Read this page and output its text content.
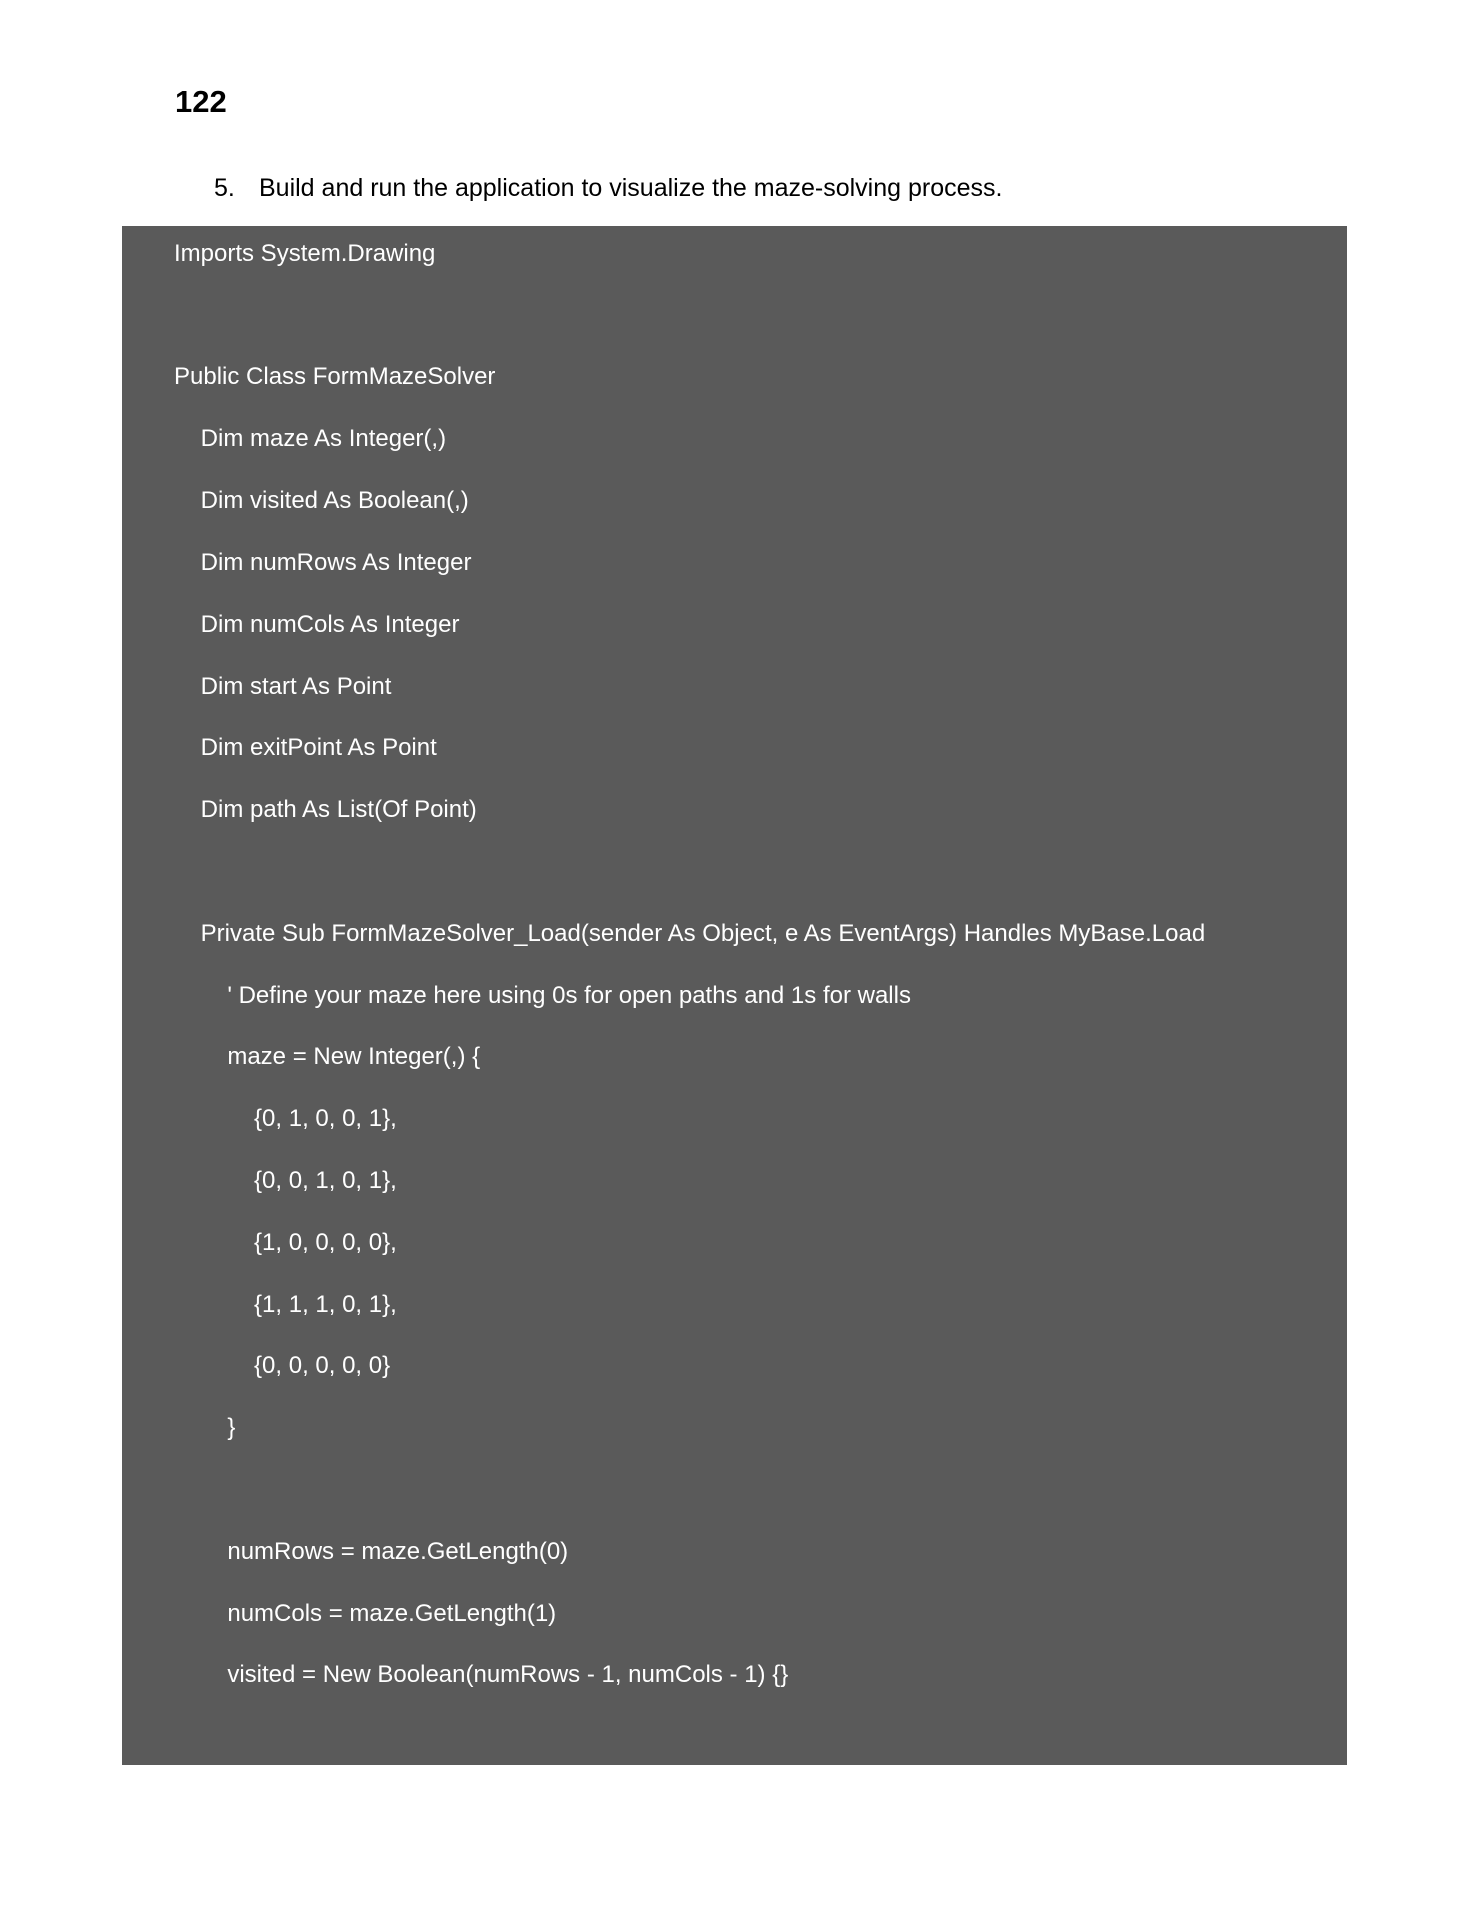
122
5. Build and run the application to visualize the maze-solving process.
Imports System.Drawing
Public Class FormMazeSolver
Dim maze As Integer(,)
Dim visited As Boolean(,)
Dim numRows As Integer
Dim numCols As Integer
Dim start As Point
Dim exitPoint As Point
Dim path As List(Of Point)
Private Sub FormMazeSolver_Load(sender As Object, e As EventArgs) Handles MyBase.Load
' Define your maze here using 0s for open paths and 1s for walls
maze = New Integer(,) {
{0, 1, 0, 0, 1},
{0, 0, 1, 0, 1},
{1, 0, 0, 0, 0},
{1, 1, 1, 0, 1},
{0, 0, 0, 0, 0}
}
numRows = maze.GetLength(0)
numCols = maze.GetLength(1)
visited = New Boolean(numRows - 1, numCols - 1) {}
